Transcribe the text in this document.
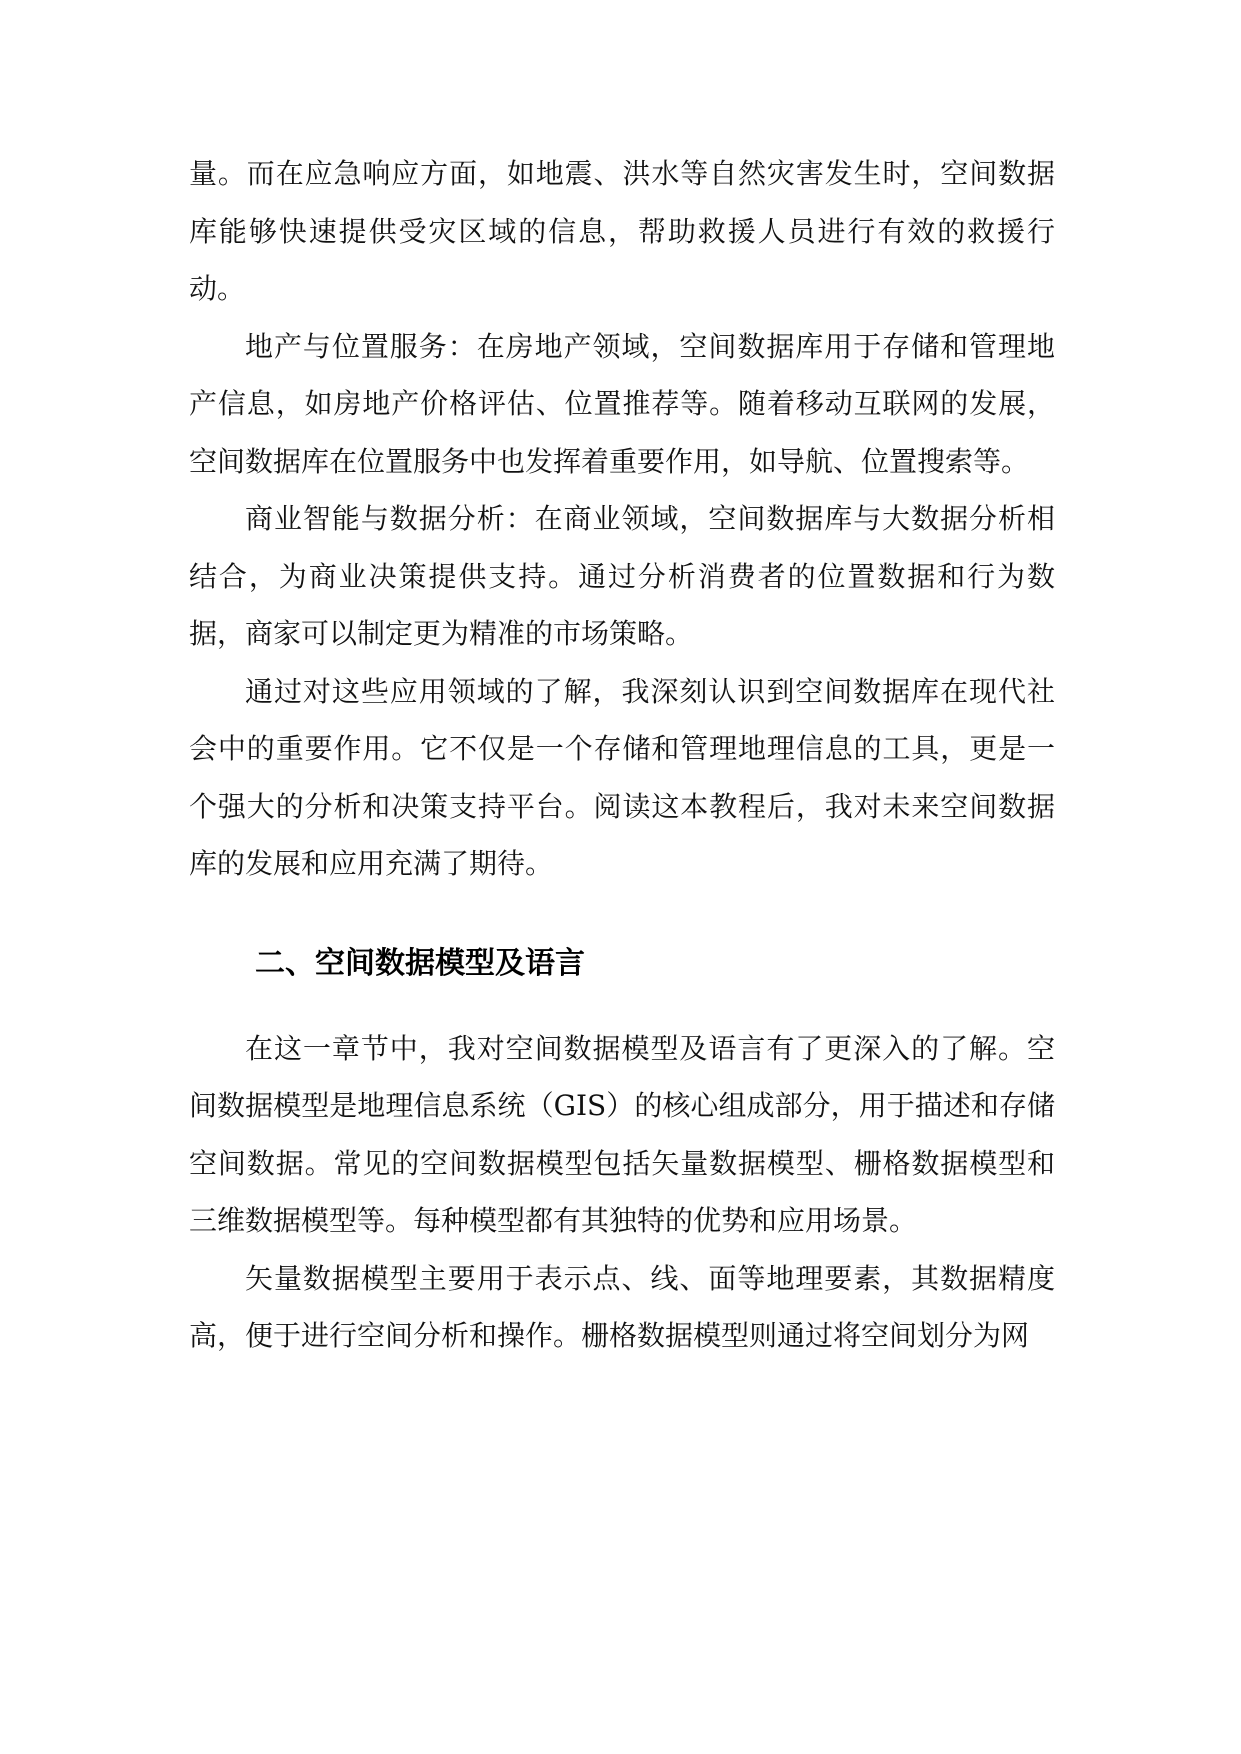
量。而在应急响应方面，如地震、洪水等自然灾害发生时，空间数据库能够快速提供受灾区域的信息，帮助救援人员进行有效的救援行动。

地产与位置服务：在房地产领域，空间数据库用于存储和管理地产信息，如房地产价格评估、位置推荐等。随着移动互联网的发展，空间数据库在位置服务中也发挥着重要作用，如导航、位置搜索等。

商业智能与数据分析：在商业领域，空间数据库与大数据分析相结合，为商业决策提供支持。通过分析消费者的位置数据和行为数据，商家可以制定更为精准的市场策略。

通过对这些应用领域的了解，我深刻认识到空间数据库在现代社会中的重要作用。它不仅是一个存储和管理地理信息的工具，更是一个强大的分析和决策支持平台。阅读这本教程后，我对未来空间数据库的发展和应用充满了期待。

二、空间数据模型及语言

在这一章节中，我对空间数据模型及语言有了更深入的了解。空间数据模型是地理信息系统（GIS）的核心组成部分，用于描述和存储空间数据。常见的空间数据模型包括矢量数据模型、栅格数据模型和三维数据模型等。每种模型都有其独特的优势和应用场景。

矢量数据模型主要用于表示点、线、面等地理要素，其数据精度高，便于进行空间分析和操作。栅格数据模型则通过将空间划分为网
